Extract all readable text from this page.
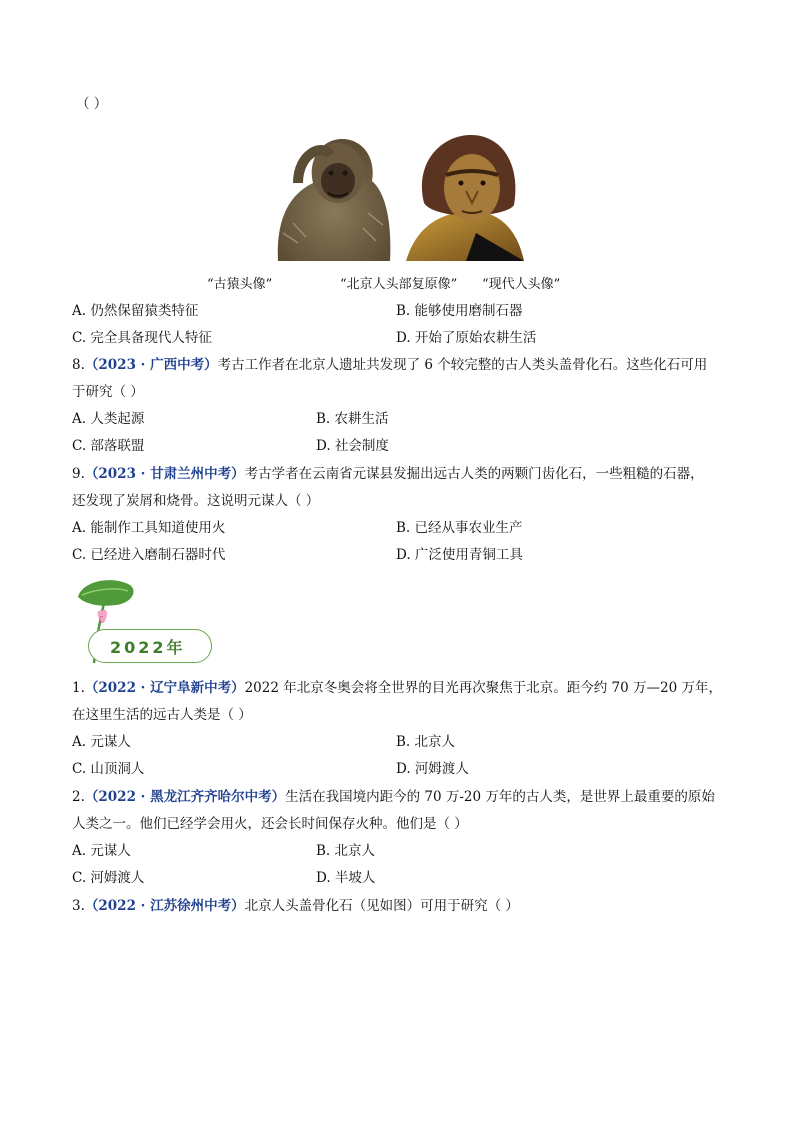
（ ）
“古猿头像”	“北京人头部复原像” “现代人头像”
A. 仍然保留猿类特征	B. 能够使用磨制石器
C. 完全具备现代人特征	D. 开始了原始农耕生活
8.（2023 · 广西中考）考古工作者在北京人遗址共发现了 6 个较完整的古人类头盖骨化石。这些化石可用
于研究（ ）
A. 人类起源	B. 农耕生活
C. 部落联盟	D. 社会制度
9.（2023 · 甘肃兰州中考）考古学者在云南省元谋县发掘出远古人类的两颗门齿化石，一些粗糙的石器，
还发现了炭屑和烧骨。这说明元谋人（ ）
A. 能制作工具知道使用火	B. 已经从事农业生产
C. 已经进入磨制石器时代	D. 广泛使用青铜工具
2022年
1.（2022 · 辽宁阜新中考）2022 年北京冬奥会将全世界的目光再次聚焦于北京。距今约 70 万—20 万年，
在这里生活的远古人类是（ ）
A. 元谋人	B. 北京人
C. 山顶洞人	D. 河姆渡人
2.（2022 · 黑龙江齐齐哈尔中考）生活在我国境内距今的 70 万-20 万年的古人类，是世界上最重要的原始
人类之一。他们已经学会用火，还会长时间保存火种。他们是（ ）
A. 元谋人	B. 北京人
C. 河姆渡人	D. 半坡人
3.（2022 · 江苏徐州中考）北京人头盖骨化石（见如图）可用于研究（ ）
